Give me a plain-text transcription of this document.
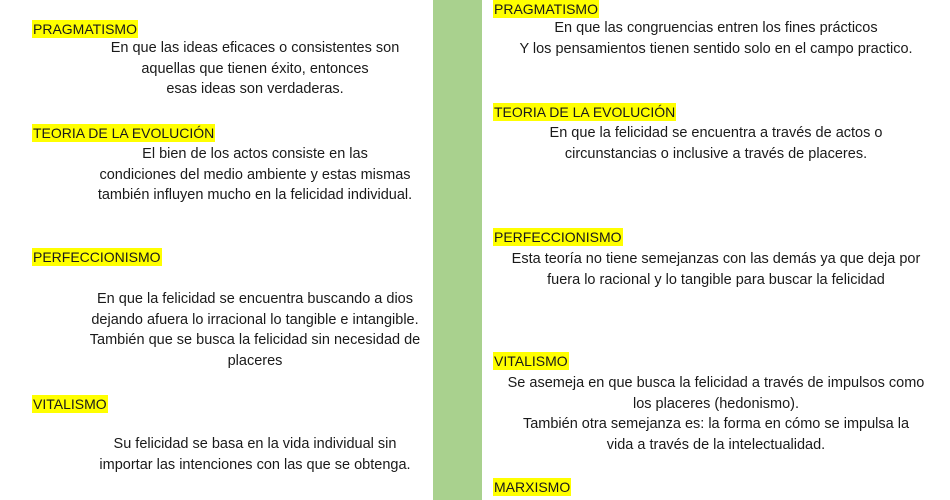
PRAGMATISMO

En que las ideas eficaces o consistentes son
aquellas que tienen éxito, entonces
esas ideas son verdaderas.

TEORIA DE LA EVOLUCIÓN

El bien de los actos consiste en las
condiciones del medio ambiente y estas mismas
también influyen mucho en la felicidad individual.

PERFECCIONISMO

En que la felicidad se encuentra buscando a dios
dejando afuera lo irracional lo tangible e intangible.
También que se busca la felicidad sin necesidad de
placeres

VITALISMO

Su felicidad se basa en la vida individual sin
importar las intenciones con las que se obtenga.

PRAGMATISMO

En que las congruencias entren los fines prácticos
Y los pensamientos tienen sentido solo en el campo practico.

TEORIA DE LA EVOLUCIÓN

En que la felicidad se encuentra a través de actos o
circunstancias o inclusive a través de placeres.

PERFECCIONISMO

Esta teoría no tiene semejanzas con las demás ya que deja por
fuera lo racional y lo tangible para buscar la felicidad

VITALISMO

Se asemeja en que busca la felicidad a través de impulsos como
los placeres (hedonismo).

También otra semejanza es: la forma en cómo se impulsa la
vida a través de la intelectualidad.

MARXISMO
